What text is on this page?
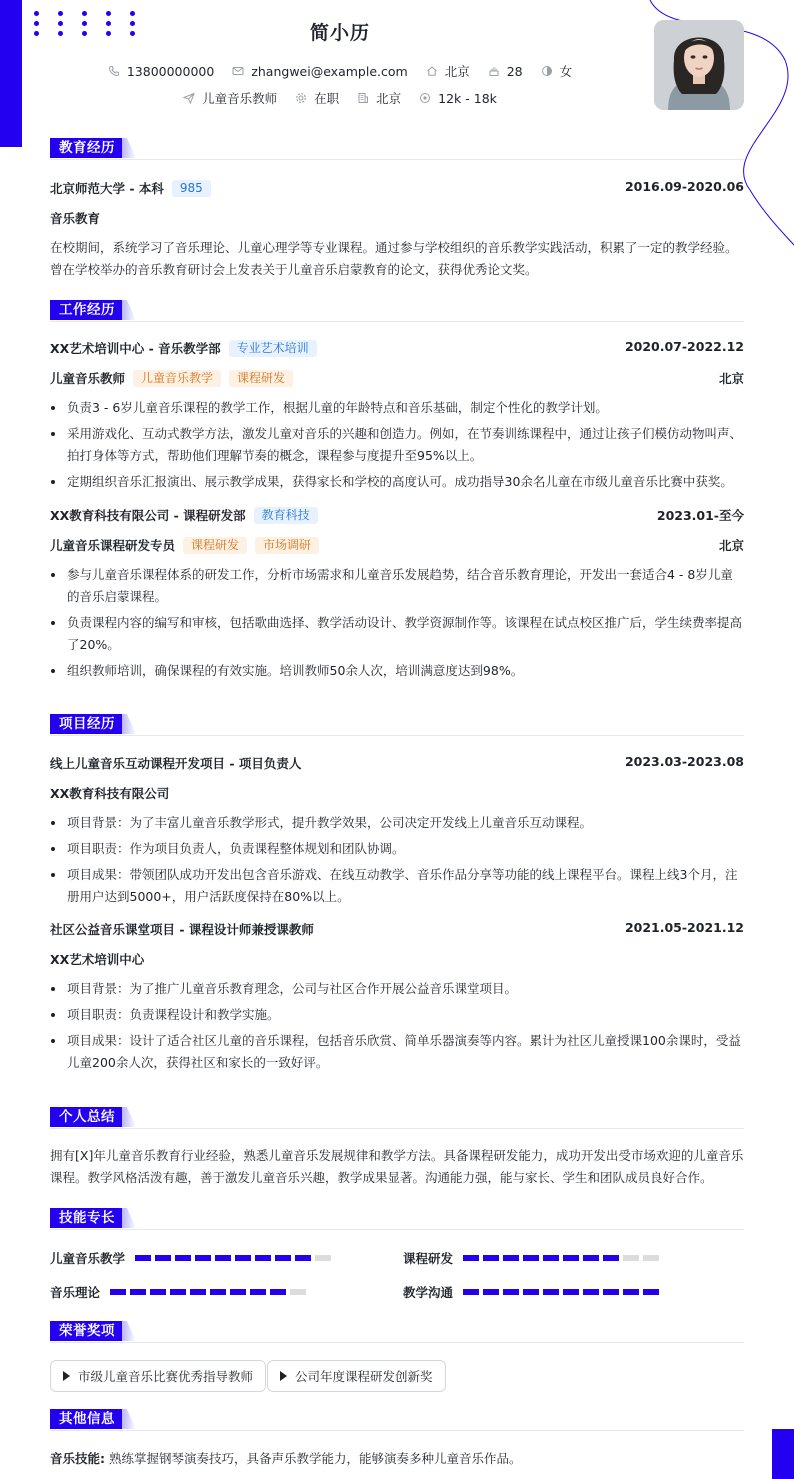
简小历
13800000000	zhangwei@example.com	北京	28	女
儿童音乐教师	在职	北京	12k - 18k
教育经历
北京师范大学 - 本科	985	2016.09-2020.06
音乐教育
在校期间，系统学习了音乐理论、儿童心理学等专业课程。通过参与学校组织的音乐教学实践活动，积累了一定的教学经验。曾在学校举办的音乐教育研讨会上发表关于儿童音乐启蒙教育的论文，获得优秀论文奖。
工作经历
XX艺术培训中心 - 音乐教学部	专业艺术培训	2020.07-2022.12
儿童音乐教师	儿童音乐教学	课程研发	北京
负责3 - 6岁儿童音乐课程的教学工作，根据儿童的年龄特点和音乐基础，制定个性化的教学计划。
采用游戏化、互动式教学方法，激发儿童对音乐的兴趣和创造力。例如，在节奏训练课程中，通过让孩子们模仿动物叫声、拍打身体等方式，帮助他们理解节奏的概念，课程参与度提升至95%以上。
定期组织音乐汇报演出、展示教学成果，获得家长和学校的高度认可。成功指导30余名儿童在市级儿童音乐比赛中获奖。
XX教育科技有限公司 - 课程研发部	教育科技	2023.01-至今
儿童音乐课程研发专员	课程研发	市场调研	北京
参与儿童音乐课程体系的研发工作，分析市场需求和儿童音乐发展趋势，结合音乐教育理论，开发出一套适合4 - 8岁儿童的音乐启蒙课程。
负责课程内容的编写和审核，包括歌曲选择、教学活动设计、教学资源制作等。该课程在试点校区推广后，学生续费率提高了20%。
组织教师培训，确保课程的有效实施。培训教师50余人次，培训满意度达到98%。
项目经历
线上儿童音乐互动课程开发项目 - 项目负责人	2023.03-2023.08
XX教育科技有限公司
项目背景：为了丰富儿童音乐教学形式，提升教学效果，公司决定开发线上儿童音乐互动课程。
项目职责：作为项目负责人，负责课程整体规划和团队协调。
项目成果：带领团队成功开发出包含音乐游戏、在线互动教学、音乐作品分享等功能的线上课程平台。课程上线3个月，注册用户达到5000+，用户活跃度保持在80%以上。
社区公益音乐课堂项目 - 课程设计师兼授课教师	2021.05-2021.12
XX艺术培训中心
项目背景：为了推广儿童音乐教育理念，公司与社区合作开展公益音乐课堂项目。
项目职责：负责课程设计和教学实施。
项目成果：设计了适合社区儿童的音乐课程，包括音乐欣赏、简单乐器演奏等内容。累计为社区儿童授课100余课时，受益儿童200余人次，获得社区和家长的一致好评。
个人总结
拥有[X]年儿童音乐教育行业经验，熟悉儿童音乐发展规律和教学方法。具备课程研发能力，成功开发出受市场欢迎的儿童音乐课程。教学风格活泼有趣，善于激发儿童音乐兴趣，教学成果显著。沟通能力强，能与家长、学生和团队成员良好合作。
技能专长
儿童音乐教学	课程研发
音乐理论	教学沟通
荣誉奖项
市级儿童音乐比赛优秀指导教师	公司年度课程研发创新奖
其他信息
音乐技能: 熟练掌握钢琴演奏技巧，具备声乐教学能力，能够演奏多种儿童音乐作品。
